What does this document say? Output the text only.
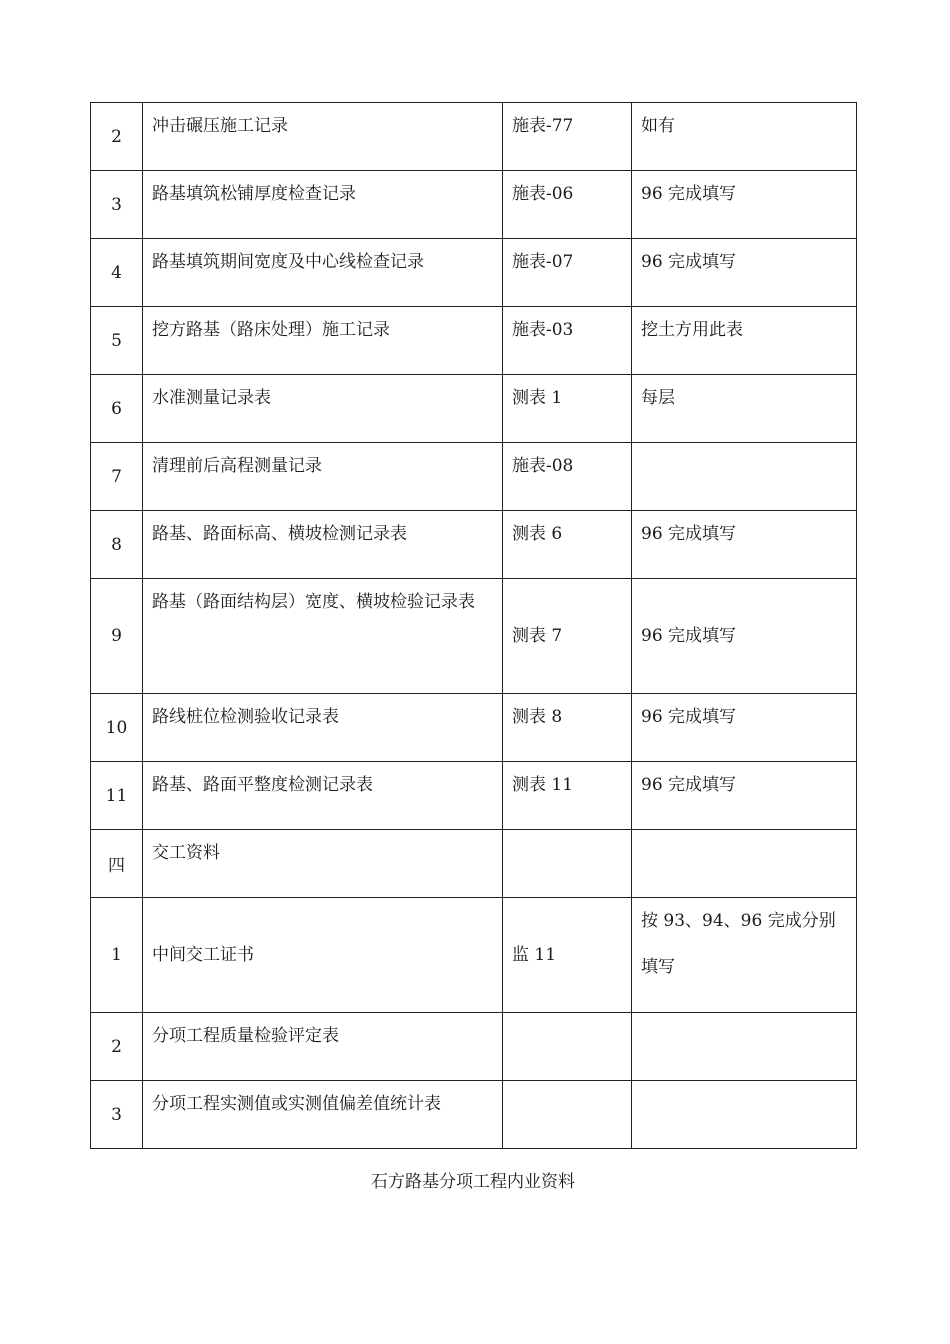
2	冲击碾压施工记录	施表-77	如有
3	路基填筑松铺厚度检查记录	施表-06	96 完成填写
4	路基填筑期间宽度及中心线检查记录	施表-07	96 完成填写
5	挖方路基（路床处理）施工记录	施表-03	挖土方用此表
6	水准测量记录表	测表 1	每层
7	清理前后高程测量记录	施表-08	
8	路基、路面标高、横坡检测记录表	测表 6	96 完成填写
9	路基（路面结构层）宽度、横坡检验记录表	测表 7	96 完成填写
10	路线桩位检测验收记录表	测表 8	96 完成填写
11	路基、路面平整度检测记录表	测表 11	96 完成填写
四	交工资料		
1	中间交工证书	监 11	按 93、94、96 完成分别填写

2	分项工程质量检验评定表		
3	分项工程实测值或实测值偏差值统计表		
石方路基分项工程内业资料
